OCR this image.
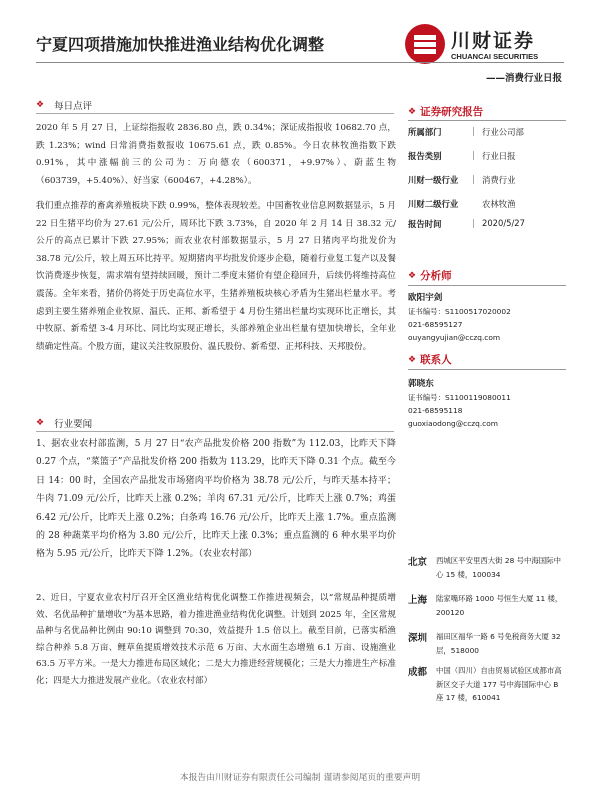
宁夏四项措施加快推进渔业结构优化调整	川财证券
CHUANCAI SECURITIES
——消费行业日报
❖ 每日点评
2020 年 5 月 27 日，上证综指报收 2836.80 点，跌 0.34%；深证成指报收 10682.70 点，跌 1.23%；wind 日常消费指数报收 10675.61 点，跌 0.85%。今日农林牧渔指数下跌 0.91%，其中涨幅前三的公司为：万向德农（600371，+9.97%）、蔚蓝生物（603739，+5.40%）、好当家（600467，+4.28%）。
我们重点推荐的畜禽养殖板块下跌 0.99%，整体表现较差。中国畜牧业信息网数据显示，5 月 22 日生猪平均价为 27.61 元/公斤，周环比下跌 3.73%，自 2020 年 2 月 14 日 38.32 元/公斤的高点已累计下跌 27.95%；而农业农村部数据显示，5 月 27 日猪肉平均批发价为 38.78 元/公斤，较上周五环比持平。短期猪肉平均批发价逐步企稳，随着行业复工复产以及餐饮消费逐步恢复，需求端有望持续回暖，预计二季度末猪价有望企稳回升，后续仍将维持高位震荡。全年来看，猪价仍将处于历史高位水平，生猪养殖板块核心矛盾为生猪出栏量水平。考虑到主要生猪养殖企业牧原、温氏、正邦、新希望于 4 月份生猪出栏量均实现环比正增长，其中牧原、新希望 3-4 月环比、同比均实现正增长，头部养殖企业出栏量有望加快增长，全年业绩确定性高。个股方面，建议关注牧原股份、温氏股份、新希望、正邦科技、天邦股份。
❖ 行业要闻
1、据农业农村部监测，5 月 27 日“农产品批发价格 200 指数”为 112.03，比昨天下降 0.27 个点，“菜篮子”产品批发价格 200 指数为 113.29，比昨天下降 0.31 个点。截至今日 14：00 时，全国农产品批发市场猪肉平均价格为 38.78 元/公斤，与昨天基本持平；牛肉 71.09 元/公斤，比昨天上涨 0.2%；羊肉 67.31 元/公斤，比昨天上涨 0.7%；鸡蛋 6.42 元/公斤，比昨天上涨 0.2%；白条鸡 16.76 元/公斤，比昨天上涨 1.7%。重点监测的 28 种蔬菜平均价格为 3.80 元/公斤，比昨天上涨 0.3%；重点监测的 6 种水果平均价格为 5.95 元/公斤，比昨天下降 1.2%。（农业农村部）
2、近日，宁夏农业农村厅召开全区渔业结构优化调整工作推进视频会，以“常规品种提质增效、名优品种扩量增收”为基本思路，着力推进渔业结构优化调整。计划到 2025 年，全区常规品种与名优品种比例由 90:10 调整到 70:30，效益提升 1.5 倍以上。截至目前，已落实稻渔综合种养 5.8 万亩、鲤草鱼提质增效技术示范 6 万亩、大水面生态增殖 6.1 万亩、设施渔业 63.5 万平方米。一是大力推进布局区域化；二是大力推进经营规模化；三是大力推进生产标准化；四是大力推进发展产业化。（农业农村部）
❖ 证券研究报告
所属部门	| 行业公司部
报告类别	| 行业日报
川财一级行业	| 消费行业
川财二级行业	农林牧渔
报告时间	| 2020/5/27
❖ 分析师
欧阳宇剑
证书编号：S1100517020002
021-68595127
ouyangyujian@cczq.com
❖ 联系人
郭晓东
证书编号：S1100119080011
021-68595118
guoxiaodong@cczq.com
北京	西城区平安里西大街 28 号中海国际中心 15 楼，100034
上海	陆家嘴环路 1000 号恒生大厦 11 楼，200120
深圳	福田区福华一路 6 号免税商务大厦 32 层，518000
成都	中国（四川）自由贸易试验区成都市高新区交子大道 177 号中海国际中心 B 座 17 楼，610041
本报告由川财证券有限责任公司编制 谨请参阅尾页的重要声明
